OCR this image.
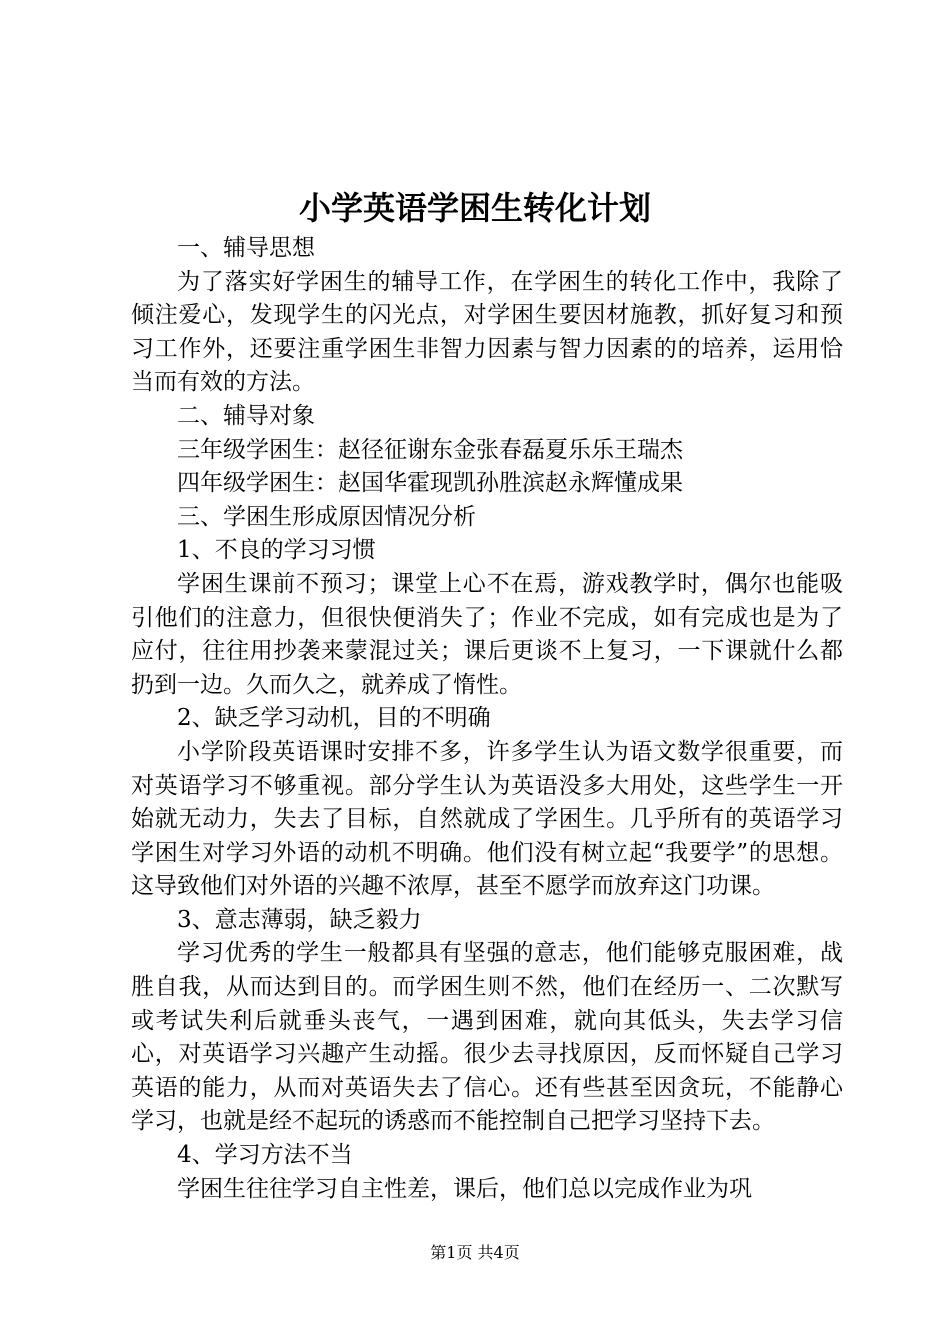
小学英语学困生转化计划

一、辅导思想

为了落实好学困生的辅导工作，在学困生的转化工作中，我除了倾注爱心，发现学生的闪光点，对学困生要因材施教，抓好复习和预习工作外，还要注重学困生非智力因素与智力因素的的培养，运用恰当而有效的方法。

二、辅导对象

三年级学困生：赵径征谢东金张春磊夏乐乐王瑞杰

四年级学困生：赵国华霍现凯孙胜滨赵永辉懂成果

三、学困生形成原因情况分析

1、不良的学习习惯

学困生课前不预习；课堂上心不在焉，游戏教学时，偶尔也能吸引他们的注意力，但很快便消失了；作业不完成，如有完成也是为了应付，往往用抄袭来蒙混过关；课后更谈不上复习，一下课就什么都扔到一边。久而久之，就养成了惰性。

2、缺乏学习动机，目的不明确

小学阶段英语课时安排不多，许多学生认为语文数学很重要，而对英语学习不够重视。部分学生认为英语没多大用处，这些学生一开始就无动力，失去了目标，自然就成了学困生。几乎所有的英语学习学困生对学习外语的动机不明确。他们没有树立起“我要学”的思想。这导致他们对外语的兴趣不浓厚，甚至不愿学而放弃这门功课。

3、意志薄弱，缺乏毅力

学习优秀的学生一般都具有坚强的意志，他们能够克服困难，战胜自我，从而达到目的。而学困生则不然，他们在经历一、二次默写或考试失利后就垂头丧气，一遇到困难，就向其低头，失去学习信心，对英语学习兴趣产生动摇。很少去寻找原因，反而怀疑自己学习英语的能力，从而对英语失去了信心。还有些甚至因贪玩，不能静心学习，也就是经不起玩的诱惑而不能控制自己把学习坚持下去。

4、学习方法不当

学困生往往学习自主性差，课后，他们总以完成作业为巩

第1页 共4页
